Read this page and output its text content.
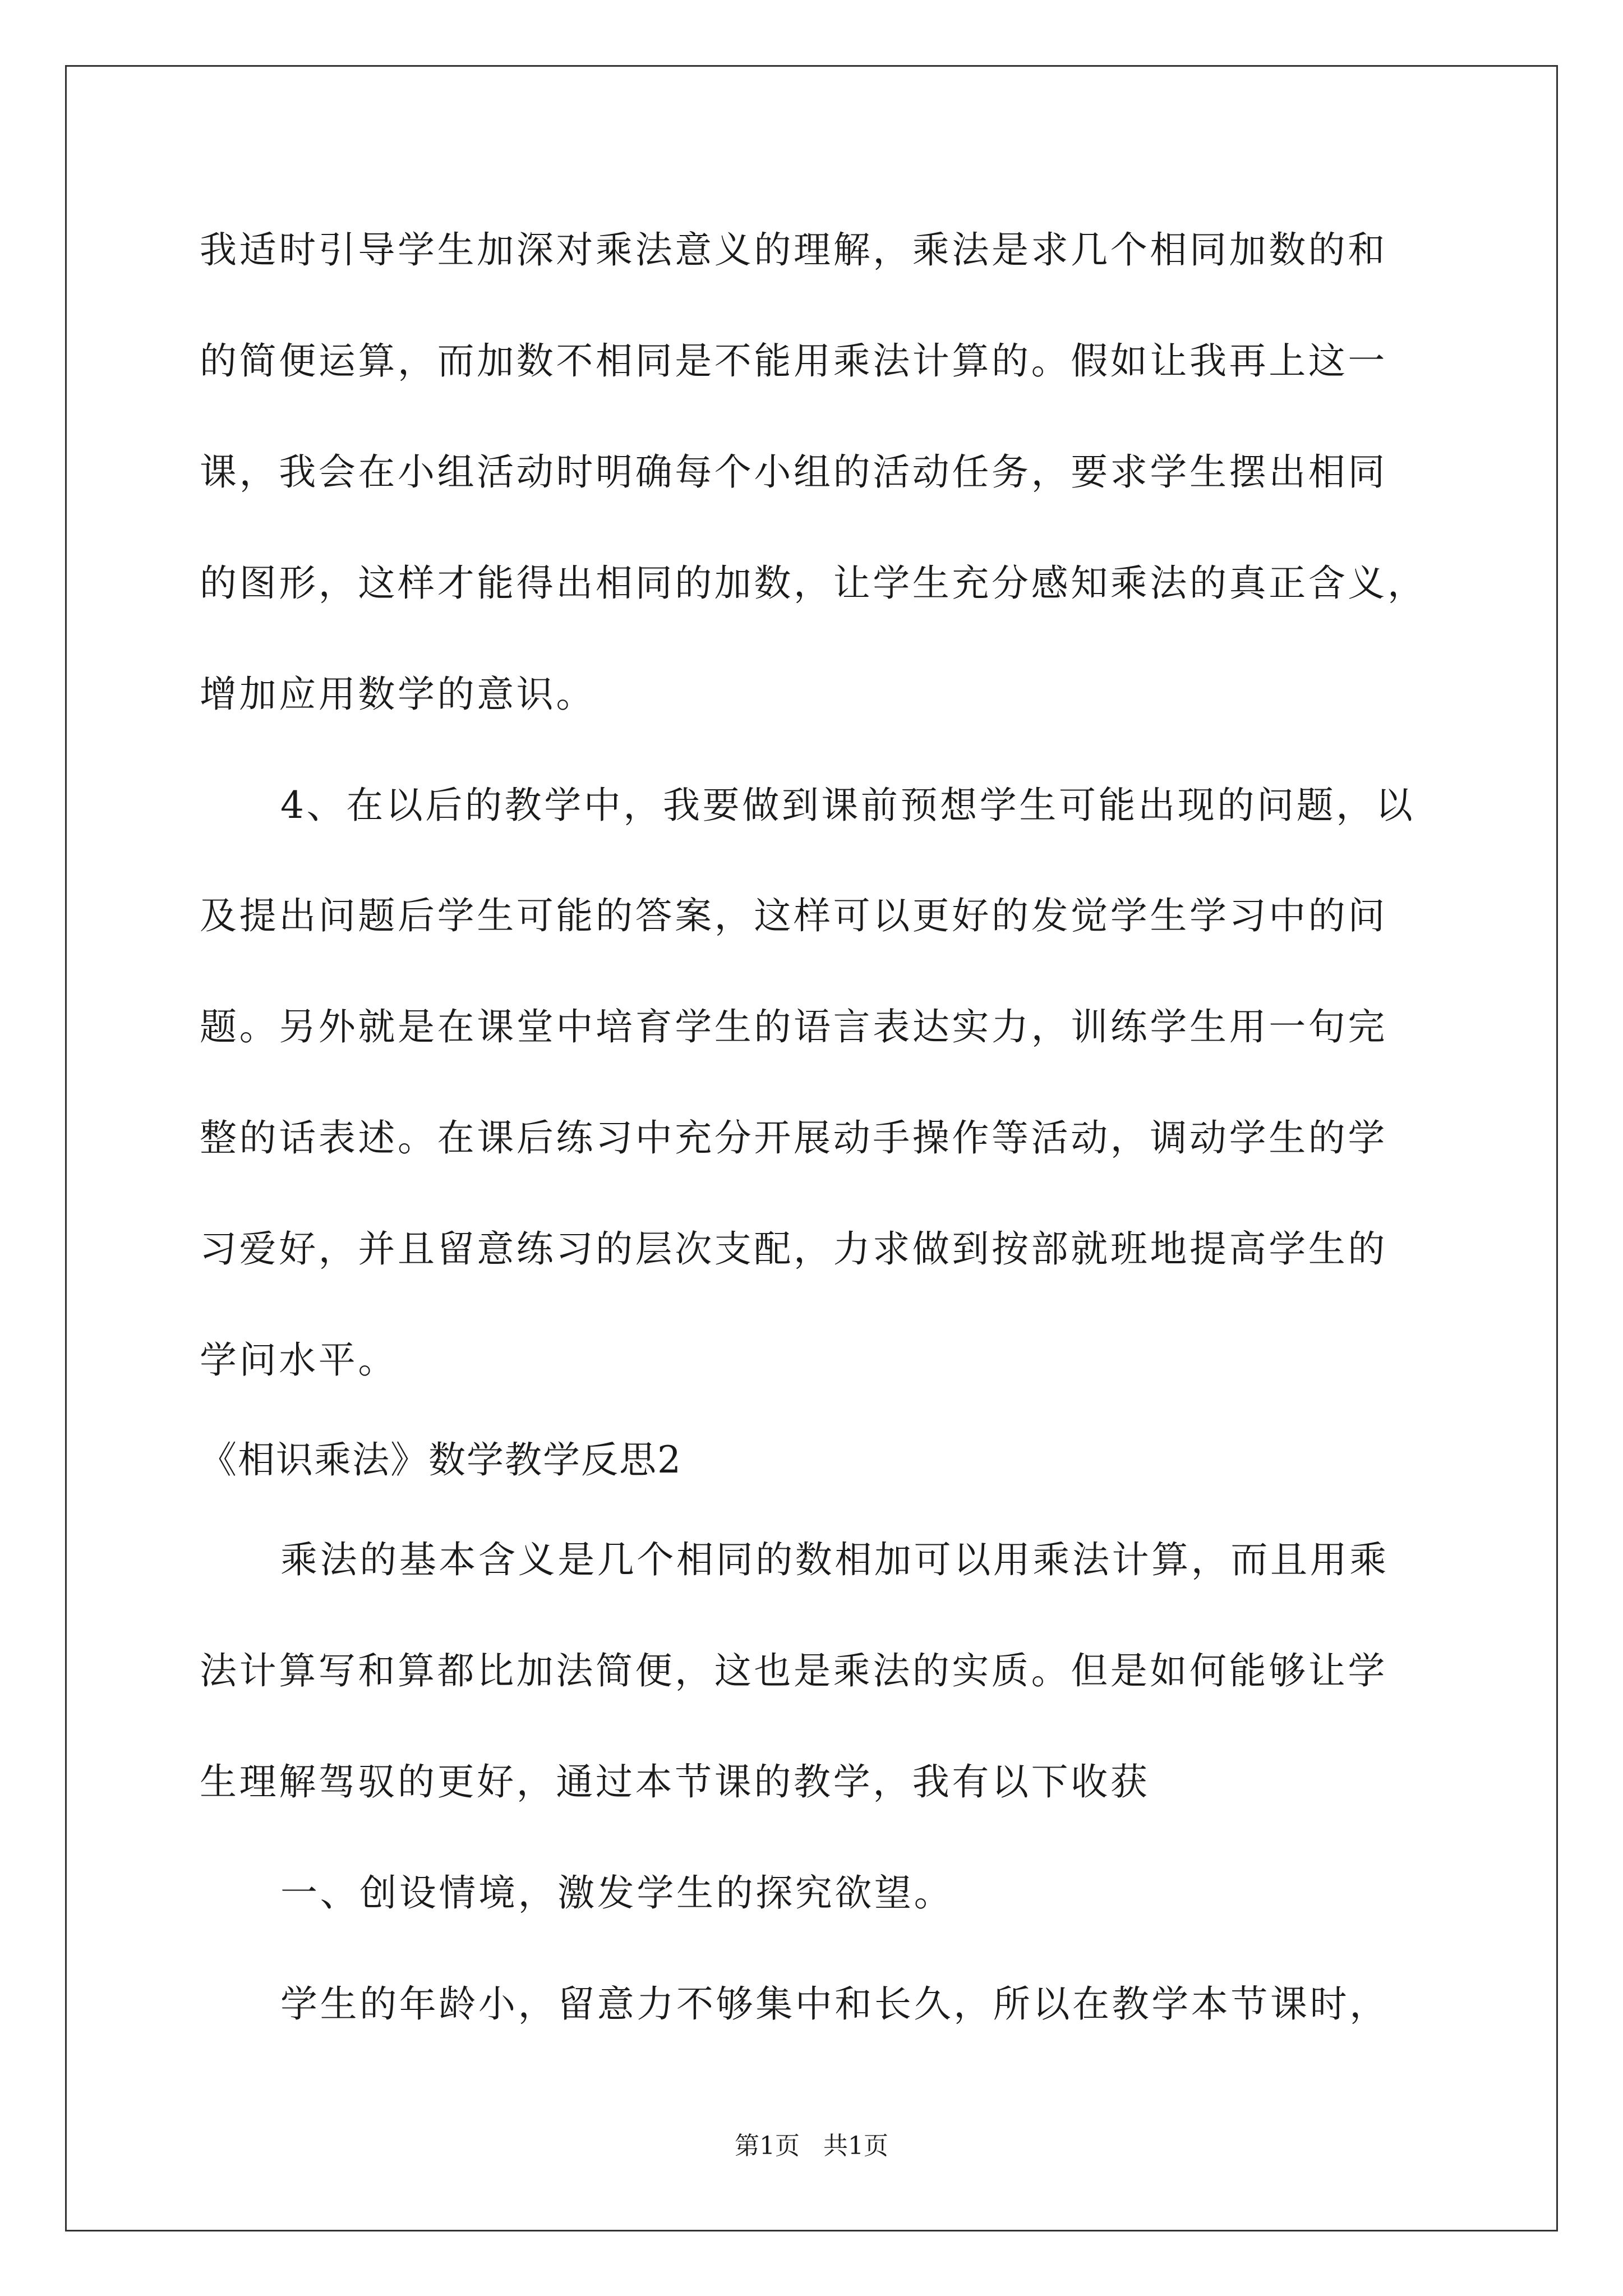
我适时引导学生加深对乘法意义的理解，乘法是求几个相同加数的和
的简便运算，而加数不相同是不能用乘法计算的。假如让我再上这一
课，我会在小组活动时明确每个小组的活动任务，要求学生摆出相同
的图形，这样才能得出相同的加数，让学生充分感知乘法的真正含义，
增加应用数学的意识。
4、在以后的教学中，我要做到课前预想学生可能出现的问题，以
及提出问题后学生可能的答案，这样可以更好的发觉学生学习中的问
题。另外就是在课堂中培育学生的语言表达实力，训练学生用一句完
整的话表述。在课后练习中充分开展动手操作等活动，调动学生的学
习爱好，并且留意练习的层次支配，力求做到按部就班地提高学生的
学问水平。
《相识乘法》数学教学反思2
乘法的基本含义是几个相同的数相加可以用乘法计算，而且用乘
法计算写和算都比加法简便，这也是乘法的实质。但是如何能够让学
生理解驾驭的更好，通过本节课的教学，我有以下收获
一、创设情境，激发学生的探究欲望。
学生的年龄小，留意力不够集中和长久，所以在教学本节课时，
第1页 共1页
